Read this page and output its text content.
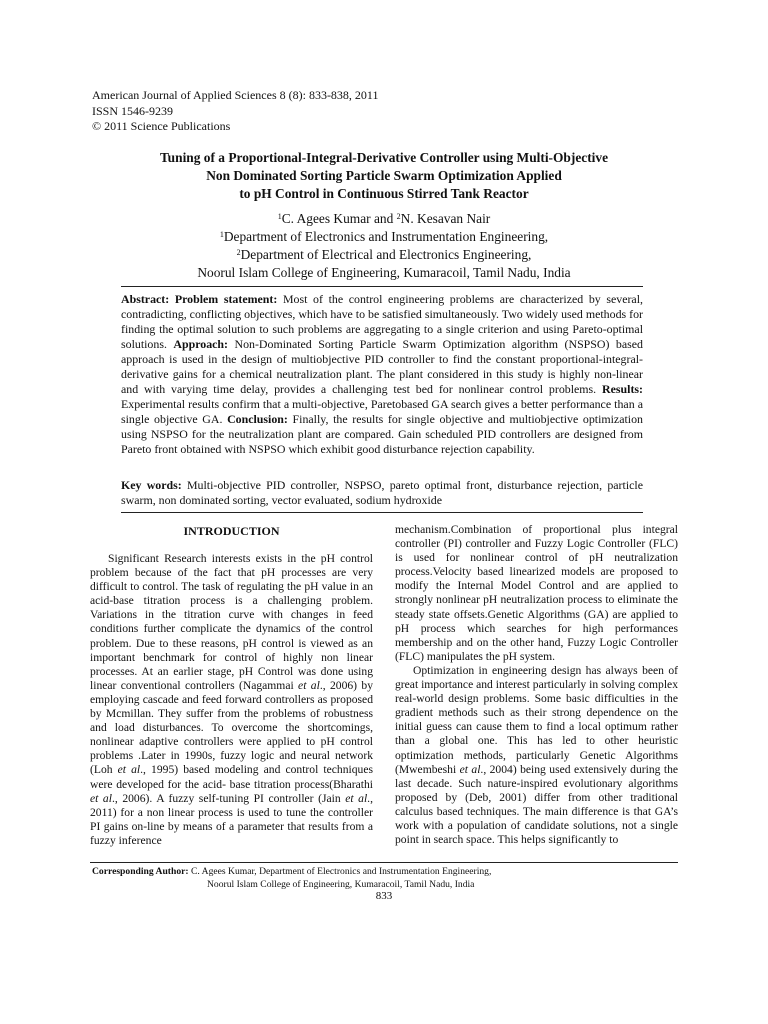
American Journal of Applied Sciences 8 (8): 833-838, 2011
ISSN 1546-9239
© 2011 Science Publications
Tuning of a Proportional-Integral-Derivative Controller using Multi-Objective
Non Dominated Sorting Particle Swarm Optimization Applied
to pH Control in Continuous Stirred Tank Reactor
$^1$C. Agees Kumar and $^2$N. Kesavan Nair
$^1$Department of Electronics and Instrumentation Engineering,
$^2$Department of Electrical and Electronics Engineering,
Noorul Islam College of Engineering, Kumaracoil, Tamil Nadu, India
Abstract: Problem statement: Most of the control engineering problems are characterized by several, contradicting, conflicting objectives, which have to be satisfied simultaneously. Two widely used methods for finding the optimal solution to such problems are aggregating to a single criterion and using Pareto-optimal solutions. Approach: Non-Dominated Sorting Particle Swarm Optimization algorithm (NSPSO) based approach is used in the design of multiobjective PID controller to find the constant proportional-integral-derivative gains for a chemical neutralization plant. The plant considered in this study is highly non-linear and with varying time delay, provides a challenging test bed for nonlinear control problems. Results: Experimental results confirm that a multi-objective, Paretobased GA search gives a better performance than a single objective GA. Conclusion: Finally, the results for single objective and multiobjective optimization using NSPSO for the neutralization plant are compared. Gain scheduled PID controllers are designed from Pareto front obtained with NSPSO which exhibit good disturbance rejection capability.
Key words: Multi-objective PID controller, NSPSO, pareto optimal front, disturbance rejection, particle swarm, non dominated sorting, vector evaluated, sodium hydroxide
INTRODUCTION

Significant Research interests exists in the pH control problem because of the fact that pH processes are very difficult to control. The task of regulating the pH value in an acid-base titration process is a challenging problem. Variations in the titration curve with changes in feed conditions further complicate the dynamics of the control problem. Due to these reasons, pH control is viewed as an important benchmark for control of highly non linear processes. At an earlier stage, pH Control was done using linear conventional controllers (Nagammai et al., 2006) by employing cascade and feed forward controllers as proposed by Mcmillan. They suffer from the problems of robustness and load disturbances. To overcome the shortcomings, nonlinear adaptive controllers were applied to pH control problems .Later in 1990s, fuzzy logic and neural network (Loh et al., 1995) based modeling and control techniques were developed for the acid- base titration process(Bharathi et al., 2006). A fuzzy self-tuning PI controller (Jain et al., 2011) for a non linear process is used to tune the controller PI gains on-line by means of a parameter that results from a fuzzy inference

mechanism.Combination of proportional plus integral controller (PI) controller and Fuzzy Logic Controller (FLC) is used for nonlinear control of pH neutralization process.Velocity based linearized models are proposed to modify the Internal Model Control and are applied to strongly nonlinear pH neutralization process to eliminate the steady state offsets.Genetic Algorithms (GA) are applied to pH process which searches for high performances membership and on the other hand, Fuzzy Logic Controller (FLC) manipulates the pH system.

Optimization in engineering design has always been of great importance and interest particularly in solving complex real-world design problems. Some basic difficulties in the gradient methods such as their strong dependence on the initial guess can cause them to find a local optimum rather than a global one. This has led to other heuristic optimization methods, particularly Genetic Algorithms (Mwembeshi et al., 2004) being used extensively during the last decade. Such nature-inspired evolutionary algorithms proposed by (Deb, 2001) differ from other traditional calculus based techniques. The main difference is that GA’s work with a population of candidate solutions, not a single point in search space. This helps significantly to

Corresponding Author: C. Agees Kumar, Department of Electronics and Instrumentation Engineering,
Noorul Islam College of Engineering, Kumaracoil, Tamil Nadu, India
833
